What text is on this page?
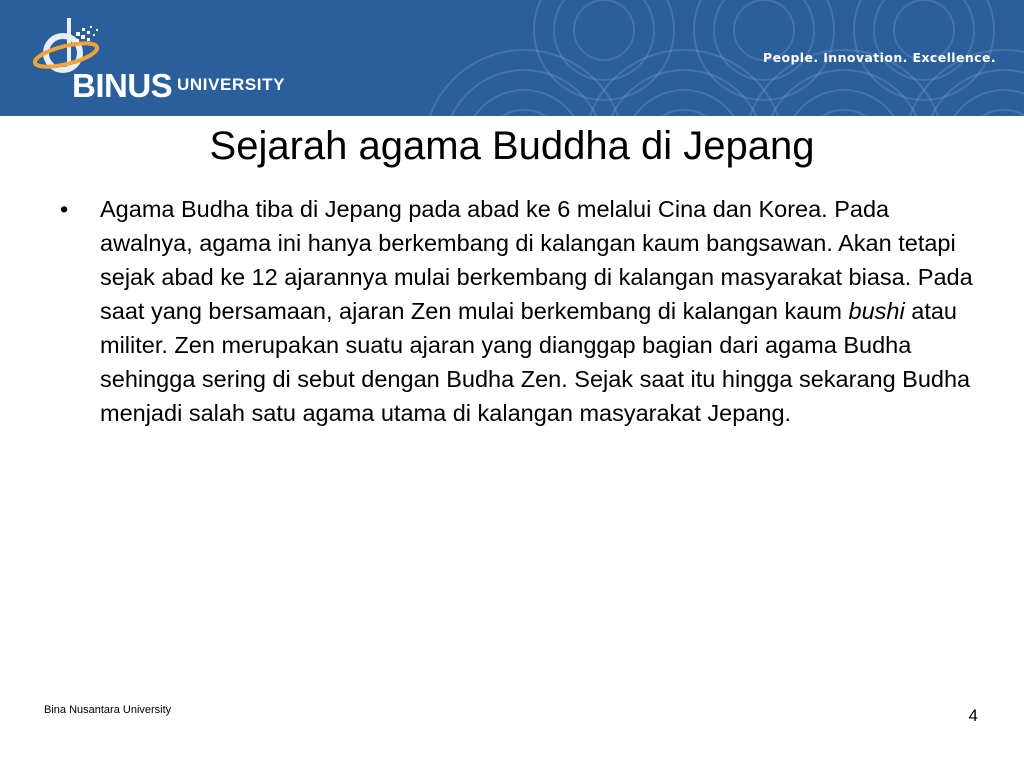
BINUS UNIVERSITY
People. Innovation. Excellence.
Sejarah agama Buddha di Jepang
•	Agama Budha tiba di Jepang pada abad ke 6 melalui Cina dan Korea. Pada awalnya, agama ini hanya berkembang di kalangan kaum bangsawan. Akan tetapi sejak abad ke 12 ajarannya mulai berkembang di kalangan masyarakat biasa. Pada saat yang bersamaan, ajaran Zen mulai berkembang di kalangan kaum bushi atau militer. Zen merupakan suatu ajaran yang dianggap bagian dari agama Budha sehingga sering di sebut dengan Budha Zen. Sejak saat itu hingga sekarang Budha menjadi salah satu agama utama di kalangan masyarakat Jepang.
Bina Nusantara University	4
